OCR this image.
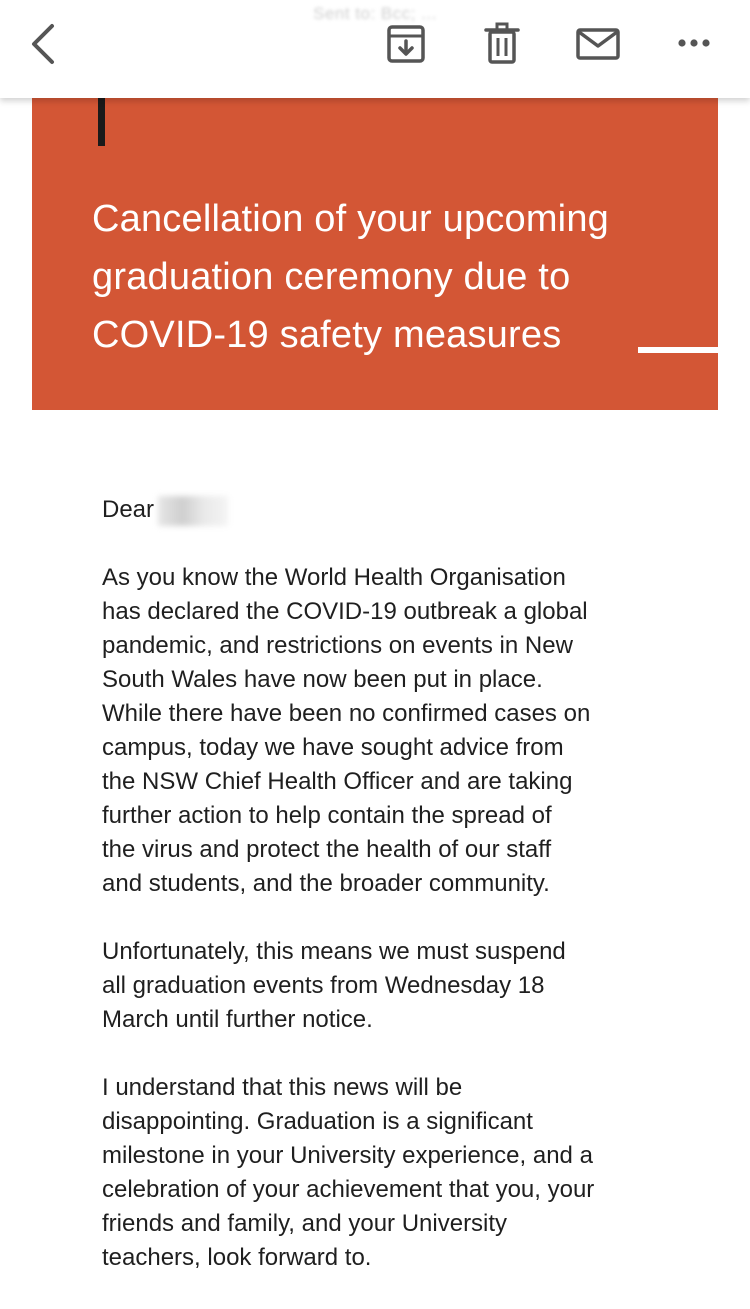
Sent to: Bcc; ...
Cancellation of your upcoming
graduation ceremony due to
COVID-19 safety measures
Dear

As you know the World Health Organisation
has declared the COVID-19 outbreak a global
pandemic, and restrictions on events in New
South Wales have now been put in place.
While there have been no confirmed cases on
campus, today we have sought advice from
the NSW Chief Health Officer and are taking
further action to help contain the spread of
the virus and protect the health of our staff
and students, and the broader community.

Unfortunately, this means we must suspend
all graduation events from Wednesday 18
March until further notice.

I understand that this news will be
disappointing. Graduation is a significant
milestone in your University experience, and a
celebration of your achievement that you, your
friends and family, and your University
teachers, look forward to.
